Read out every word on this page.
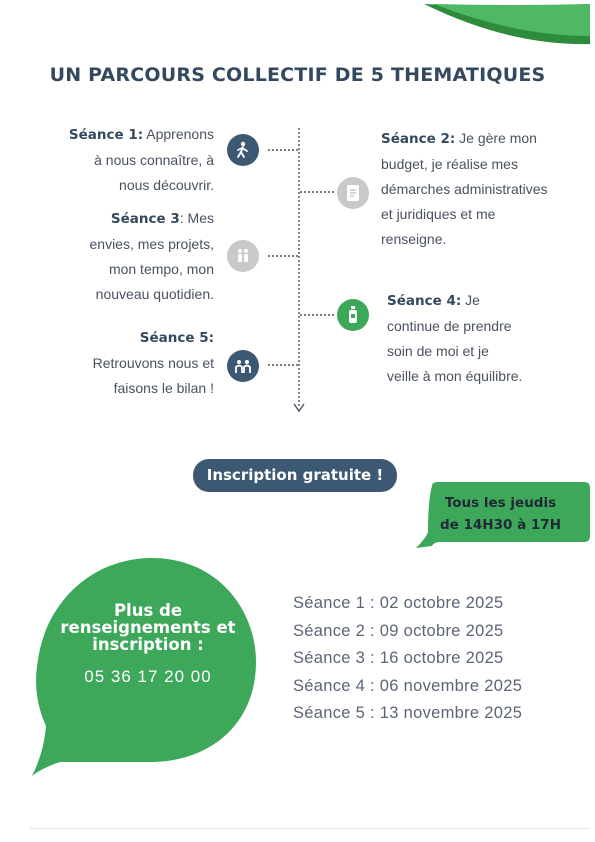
UN PARCOURS COLLECTIF DE 5 THEMATIQUES
Séance 1: Apprenons
à nous connaître, à
nous découvrir.
Séance 2: Je gère mon
budget, je réalise mes
démarches administratives
et juridiques et me
renseigne.
Séance 3: Mes
envies, mes projets,
mon tempo, mon
nouveau quotidien.	Séance 4: Je
continue de prendre
soin de moi et je
veille à mon équilibre.
Séance 5:
Retrouvons nous et
faisons le bilan !
Inscription gratuite !
Tous les jeudis
de 14H30 à 17H
Plus de
renseignements et
inscription :
05 36 17 20 00
Séance 1 : 02 octobre 2025
Séance 2 : 09 octobre 2025
Séance 3 : 16 octobre 2025
Séance 4 : 06 novembre 2025
Séance 5 : 13 novembre 2025
